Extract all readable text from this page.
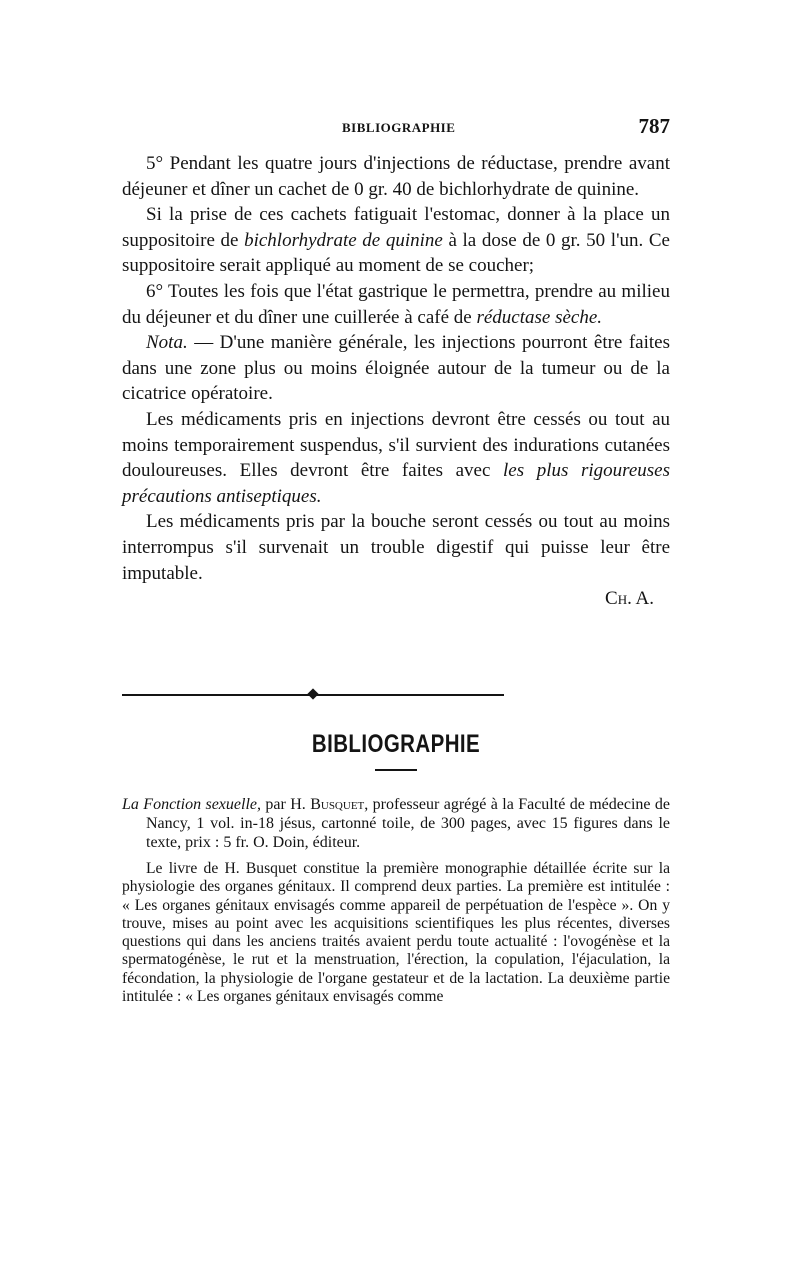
BIBLIOGRAPHIE	787

5° Pendant les quatre jours d'injections de réductase, prendre avant déjeuner et dîner un cachet de 0 gr. 40 de bichlorhydrate de quinine.

Si la prise de ces cachets fatiguait l'estomac, donner à la place un suppositoire de bichlorhydrate de quinine à la dose de 0 gr. 50 l'un. Ce suppositoire serait appliqué au moment de se coucher;

6° Toutes les fois que l'état gastrique le permettra, prendre au milieu du déjeuner et du dîner une cuillerée à café de réductase sèche.

Nota. — D'une manière générale, les injections pourront être faites dans une zone plus ou moins éloignée autour de la tumeur ou de la cicatrice opératoire.

Les médicaments pris en injections devront être cessés ou tout au moins temporairement suspendus, s'il survient des indurations cutanées douloureuses. Elles devront être faites avec les plus rigoureuses précautions antiseptiques.

Les médicaments pris par la bouche seront cessés ou tout au moins interrompus s'il survenait un trouble digestif qui puisse leur être imputable.

Ch. A.

BIBLIOGRAPHIE

La Fonction sexuelle, par H. Busquet, professeur agrégé à la Faculté de médecine de Nancy, 1 vol. in-18 jésus, cartonné toile, de 300 pages, avec 15 figures dans le texte, prix : 5 fr. O. Doin, éditeur.

Le livre de H. Busquet constitue la première monographie détaillée écrite sur la physiologie des organes génitaux. Il comprend deux parties. La première est intitulée : « Les organes génitaux envisagés comme appareil de perpétuation de l'espèce ». On y trouve, mises au point avec les acquisitions scientifiques les plus récentes, diverses questions qui dans les anciens traités avaient perdu toute actualité : l'ovogénèse et la spermatogénèse, le rut et la menstruation, l'érection, la copulation, l'éjaculation, la fécondation, la physiologie de l'organe gestateur et de la lactation. La deuxième partie intitulée : « Les organes génitaux envisagés comme
